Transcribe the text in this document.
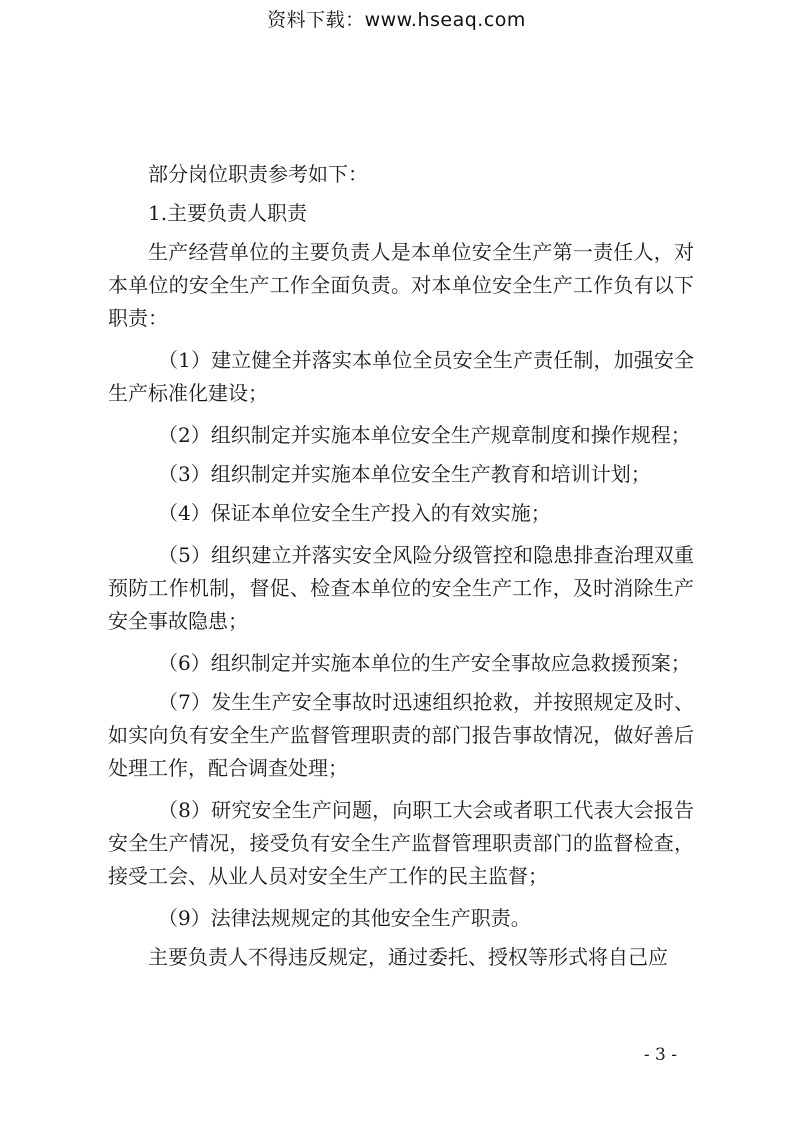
资料下载：www.hseaq.com

部分岗位职责参考如下：

1.主要负责人职责

生产经营单位的主要负责人是本单位安全生产第一责任人，对本单位的安全生产工作全面负责。对本单位安全生产工作负有以下职责：

（1）建立健全并落实本单位全员安全生产责任制，加强安全生产标准化建设；

（2）组织制定并实施本单位安全生产规章制度和操作规程；

（3）组织制定并实施本单位安全生产教育和培训计划；

（4）保证本单位安全生产投入的有效实施；

（5）组织建立并落实安全风险分级管控和隐患排查治理双重预防工作机制，督促、检查本单位的安全生产工作，及时消除生产安全事故隐患；

（6）组织制定并实施本单位的生产安全事故应急救援预案；

（7）发生生产安全事故时迅速组织抢救，并按照规定及时、如实向负有安全生产监督管理职责的部门报告事故情况，做好善后处理工作，配合调查处理；

（8）研究安全生产问题，向职工大会或者职工代表大会报告安全生产情况，接受负有安全生产监督管理职责部门的监督检查，接受工会、从业人员对安全生产工作的民主监督；

（9）法律法规规定的其他安全生产职责。

主要负责人不得违反规定，通过委托、授权等形式将自己应

- 3 -
